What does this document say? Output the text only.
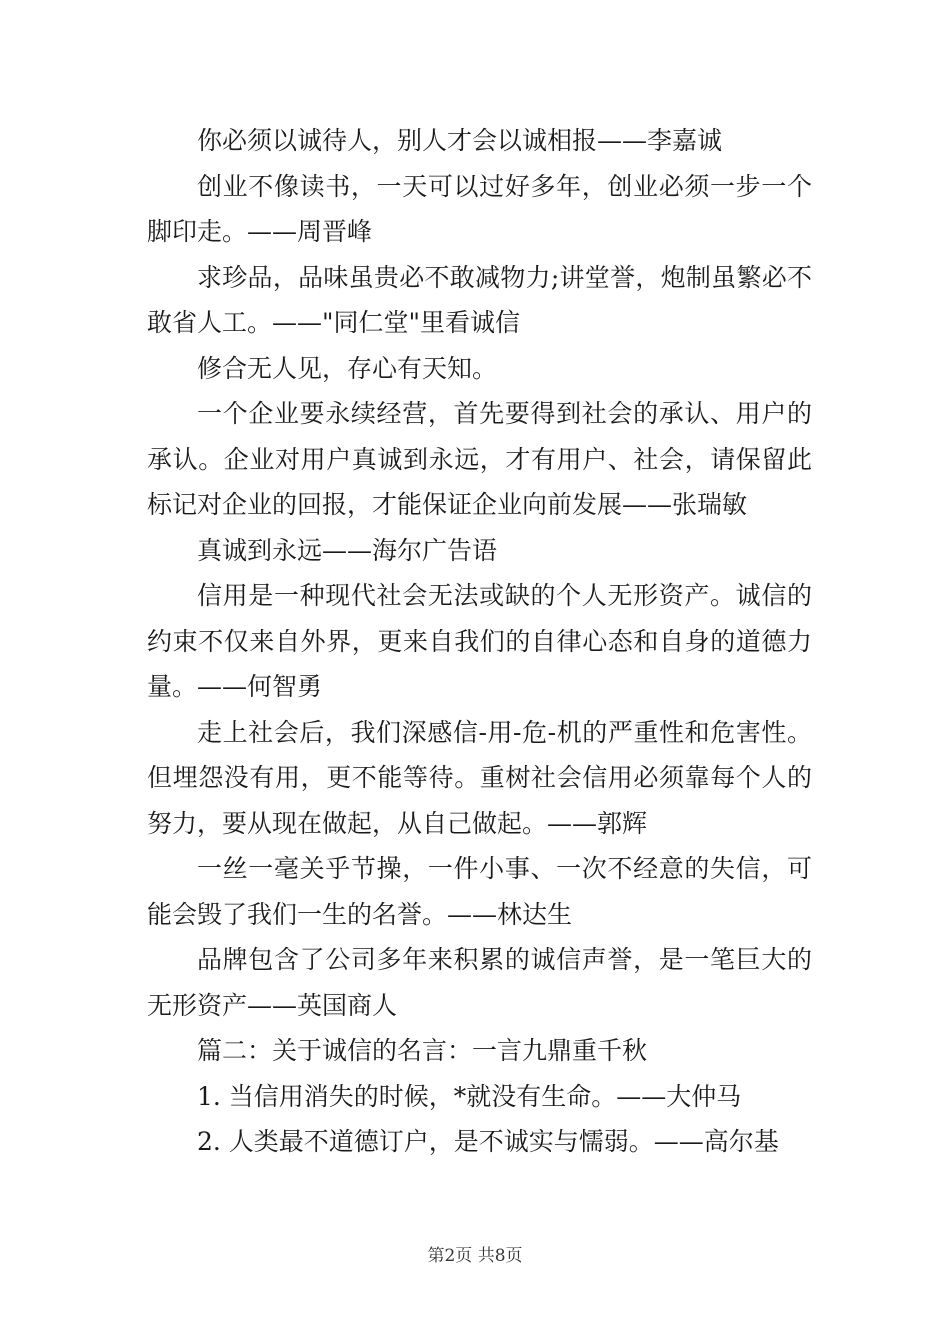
你必须以诚待人，别人才会以诚相报——李嘉诚

创业不像读书，一天可以过好多年，创业必须一步一个脚印走。——周晋峰

求珍品，品味虽贵必不敢减物力;讲堂誉，炮制虽繁必不敢省人工。——"同仁堂"里看诚信

修合无人见，存心有天知。

一个企业要永续经营，首先要得到社会的承认、用户的承认。企业对用户真诚到永远，才有用户、社会，请保留此标记对企业的回报，才能保证企业向前发展——张瑞敏

真诚到永远——海尔广告语

信用是一种现代社会无法或缺的个人无形资产。诚信的约束不仅来自外界，更来自我们的自律心态和自身的道德力量。——何智勇

走上社会后，我们深感信-用-危-机的严重性和危害性。但埋怨没有用，更不能等待。重树社会信用必须靠每个人的努力，要从现在做起，从自己做起。——郭辉

一丝一毫关乎节操，一件小事、一次不经意的失信，可能会毁了我们一生的名誉。——林达生

品牌包含了公司多年来积累的诚信声誉，是一笔巨大的无形资产——英国商人

篇二：关于诚信的名言：一言九鼎重千秋

1. 当信用消失的时候，*就没有生命。——大仲马

2. 人类最不道德订户，是不诚实与懦弱。——高尔基

第2页 共8页
